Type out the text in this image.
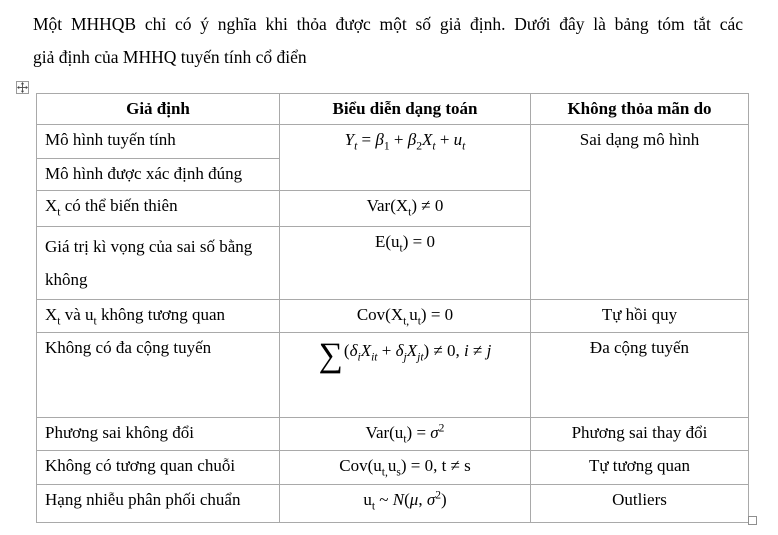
Một MHHQB chỉ có ý nghĩa khi thỏa được một số giả định. Dưới đây là bảng tóm tắt các
giả định của MHHQ tuyến tính cổ điển
Giả định	Biểu diễn dạng toán	Không thỏa mãn do
Mô hình tuyến tính	$Y_t = \beta_1 + \beta_2X_t + u_t$	Sai dạng mô hình
Mô hình được xác định đúng		
$X_t$ có thể biến thiên	$Var(X_t) \ne 0$	
Giá trị kì vọng của sai số bằng không	$E(u_t) = 0$	
$X_t$ và $u_t$ không tương quan	$Cov(X_{t,}u_t) = 0$	Tự hồi quy
Không có đa cộng tuyến	$\sum(\delta_iX_{it} + \delta_jX_{jt}) \ne 0$, i ≠ j	Đa cộng tuyến
Phương sai không đổi	$Var(u_t) = \sigma^2$	Phương sai thay đổi
Không có tương quan chuỗi	$Cov(u_{t,}u_s) = 0$, t ≠ s	Tự tương quan
Hạng nhiễu phân phối chuẩn	$u_t$ ~ N(μ, $\sigma^2$)	Outliers
